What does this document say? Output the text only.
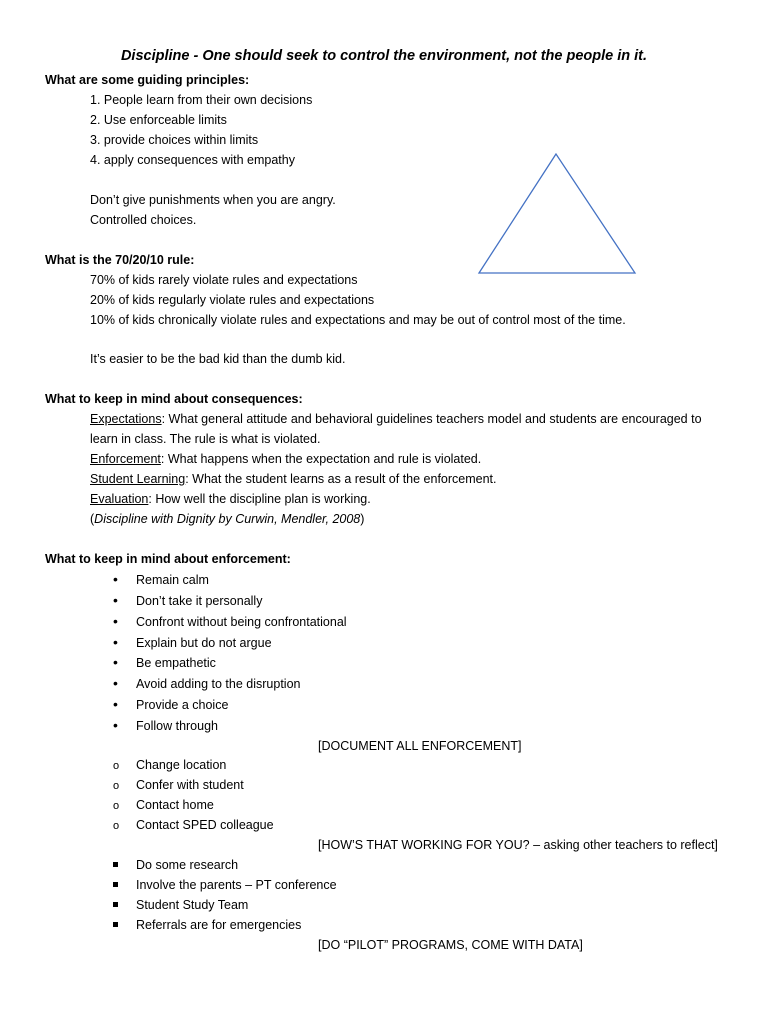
Discipline - One should seek to control the environment, not the people in it.
What are some guiding principles:
1. People learn from their own decisions
2. Use enforceable limits
3. provide choices within limits
4. apply consequences with empathy
Don’t give punishments when you are angry.
Controlled choices.
What is the 70/20/10 rule:
70% of kids rarely violate rules and expectations
20% of kids regularly violate rules and expectations
10% of kids chronically violate rules and expectations and may be out of control most of the time.
It’s easier to be the bad kid than the dumb kid.
What to keep in mind about consequences:
Expectations: What general attitude and behavioral guidelines teachers model and students are encouraged to
learn in class. The rule is what is violated.
Enforcement: What happens when the expectation and rule is violated.
Student Learning: What the student learns as a result of the enforcement.
Evaluation: How well the discipline plan is working.
(Discipline with Dignity by Curwin, Mendler, 2008)
What to keep in mind about enforcement:
• Remain calm
• Don’t take it personally
• Confront without being confrontational
• Explain but do not argue
• Be empathetic
• Avoid adding to the disruption
• Provide a choice
• Follow through
[DOCUMENT ALL ENFORCEMENT]
o Change location
o Confer with student
o Contact home
o Contact SPED colleague
[HOW’S THAT WORKING FOR YOU? – asking other teachers to reflect]
Do some research
Involve the parents – PT conference
Student Study Team
Referrals are for emergencies
[DO “PILOT” PROGRAMS, COME WITH DATA]
